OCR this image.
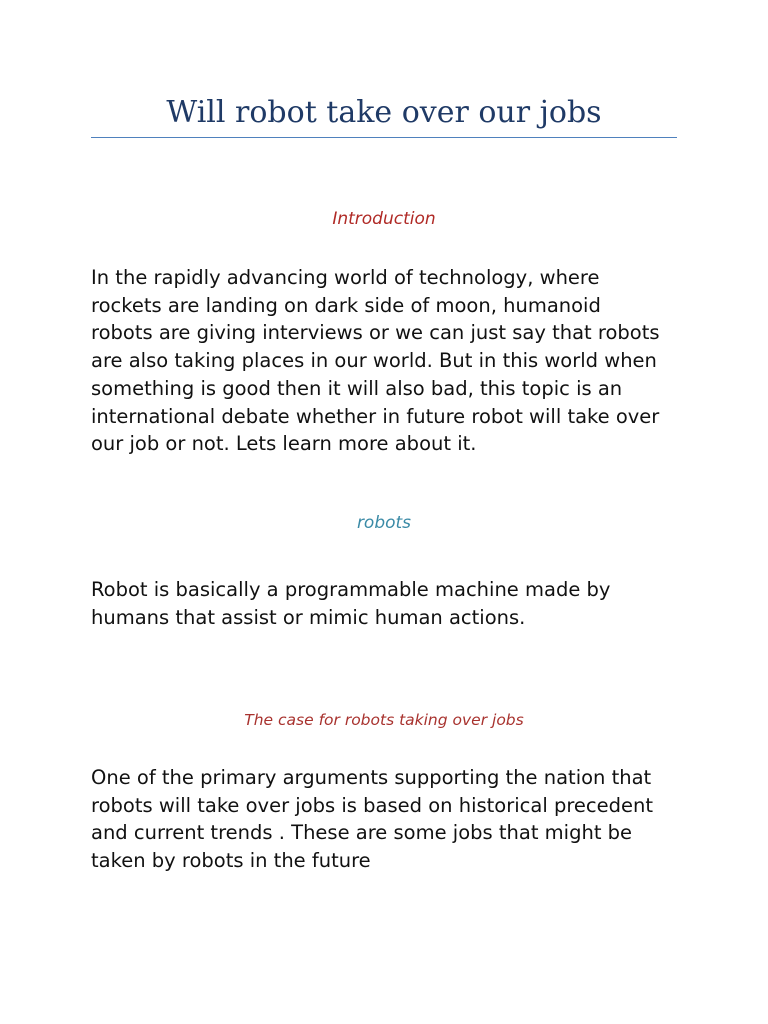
Will robot take over our jobs
Introduction

In the rapidly advancing world of technology, where
rockets are landing on dark side of moon, humanoid
robots are giving interviews or we can just say that robots
are also taking places in our world. But in this world when
something is good then it will also bad, this topic is an
international debate whether in future robot will take over
our job or not. Lets learn more about it.

robots

Robot is basically a programmable machine made by
humans that assist or mimic human actions.

The case for robots taking over jobs

One of the primary arguments supporting the nation that
robots will take over jobs is based on historical precedent
and current trends . These are some jobs that might be
taken by robots in the future
